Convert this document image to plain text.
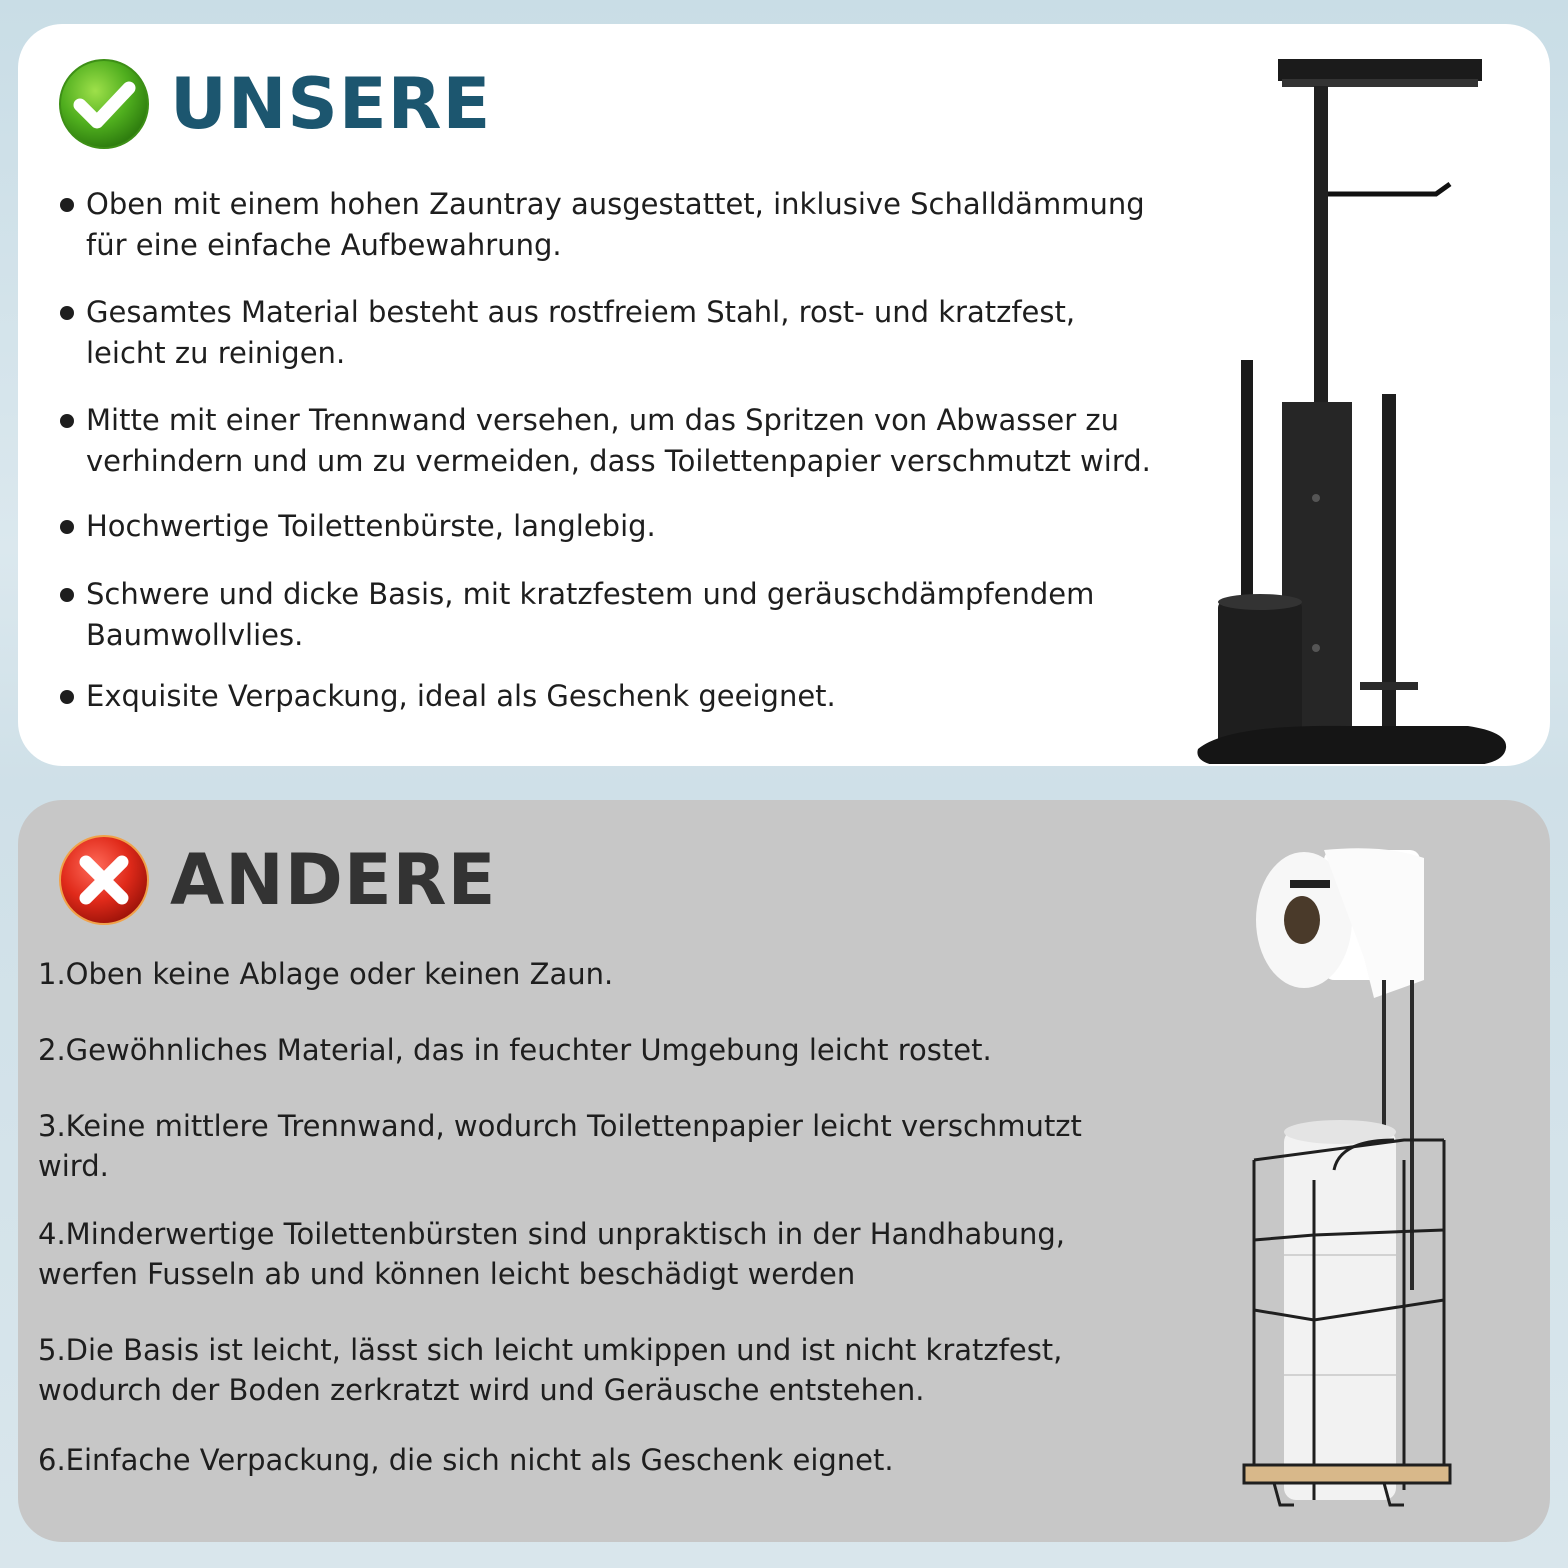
UNSERE
Oben mit einem hohen Zauntray ausgestattet, inklusive Schalldämmung für eine einfache Aufbewahrung.
Gesamtes Material besteht aus rostfreiem Stahl, rost- und kratzfest, leicht zu reinigen.
Mitte mit einer Trennwand versehen, um das Spritzen von Abwasser zu verhindern und um zu vermeiden, dass Toilettenpapier verschmutzt wird.
Hochwertige Toilettenbürste, langlebig.
Schwere und dicke Basis, mit kratzfestem und geräuschdämpfendem Baumwollvlies.
Exquisite Verpackung, ideal als Geschenk geeignet.
ANDERE
1.Oben keine Ablage oder keinen Zaun.
2.Gewöhnliches Material, das in feuchter Umgebung leicht rostet.
3.Keine mittlere Trennwand, wodurch Toilettenpapier leicht verschmutzt wird.
4.Minderwertige Toilettenbürsten sind unpraktisch in der Handhabung, werfen Fusseln ab und können leicht beschädigt werden
5.Die Basis ist leicht, lässt sich leicht umkippen und ist nicht kratzfest, wodurch der Boden zerkratzt wird und Geräusche entstehen.
6.Einfache Verpackung, die sich nicht als Geschenk eignet.
